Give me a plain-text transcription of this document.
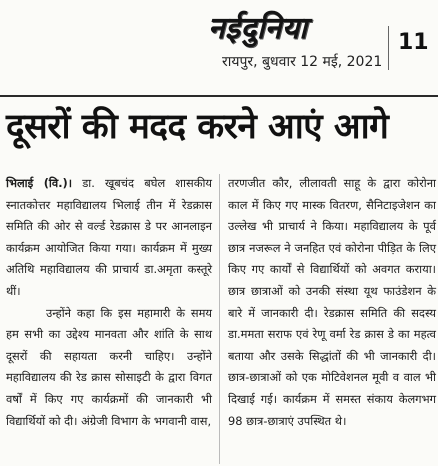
नईदुनिया
रायपुर, बुधवार 12 मई, 2021
11
दूसरों की मदद करने आएं आगे

भिलाई (वि.)। डा. खूबचंद बघेल शासकीय स्नातकोत्तर महाविद्यालय भिलाई तीन में रेडक्रास समिति की ओर से वर्ल्ड रेडक्रास डे पर आनलाइन कार्यक्रम आयोजित किया गया। कार्यक्रम में मुख्य अतिथि महाविद्यालय की प्राचार्य डा.अमृता कस्तूरे थीं।

उन्होंने कहा कि इस महामारी के समय हम सभी का उद्देश्य मानवता और शांति के साथ दूसरों की सहायता करनी चाहिए। उन्होंने महाविद्यालय की रेड क्रास सोसाइटी के द्वारा विगत वर्षों में किए गए कार्यक्रमों की जानकारी भी विद्यार्थियों को दी। अंग्रेजी विभाग के भगवानी वास,

तरणजीत कौर, लीलावती साहू के द्वारा कोरोना काल में किए गए मास्क वितरण, सैनिटाइजेशन का उल्लेख भी प्राचार्य ने किया। महाविद्यालय के पूर्व छात्र नजरूल ने जनहित एवं कोरोना पीड़ित के लिए किए गए कार्यों से विद्यार्थियों को अवगत कराया। छात्र छात्राओं को उनकी संस्था यूथ फाउंडेशन के बारे में जानकारी दी। रेडक्रास समिति की सदस्य डा.ममता सराफ एवं रेणू वर्मा रेड क्रास डे का महत्व बताया और उसके सिद्धांतों की भी जानकारी दी। छात्र-छात्राओं को एक मोटिवेशनल मूवी व वाल भी दिखाई गई। कार्यक्रम में समस्त संकाय केलगभग 98 छात्र-छात्राएं उपस्थित थे।
